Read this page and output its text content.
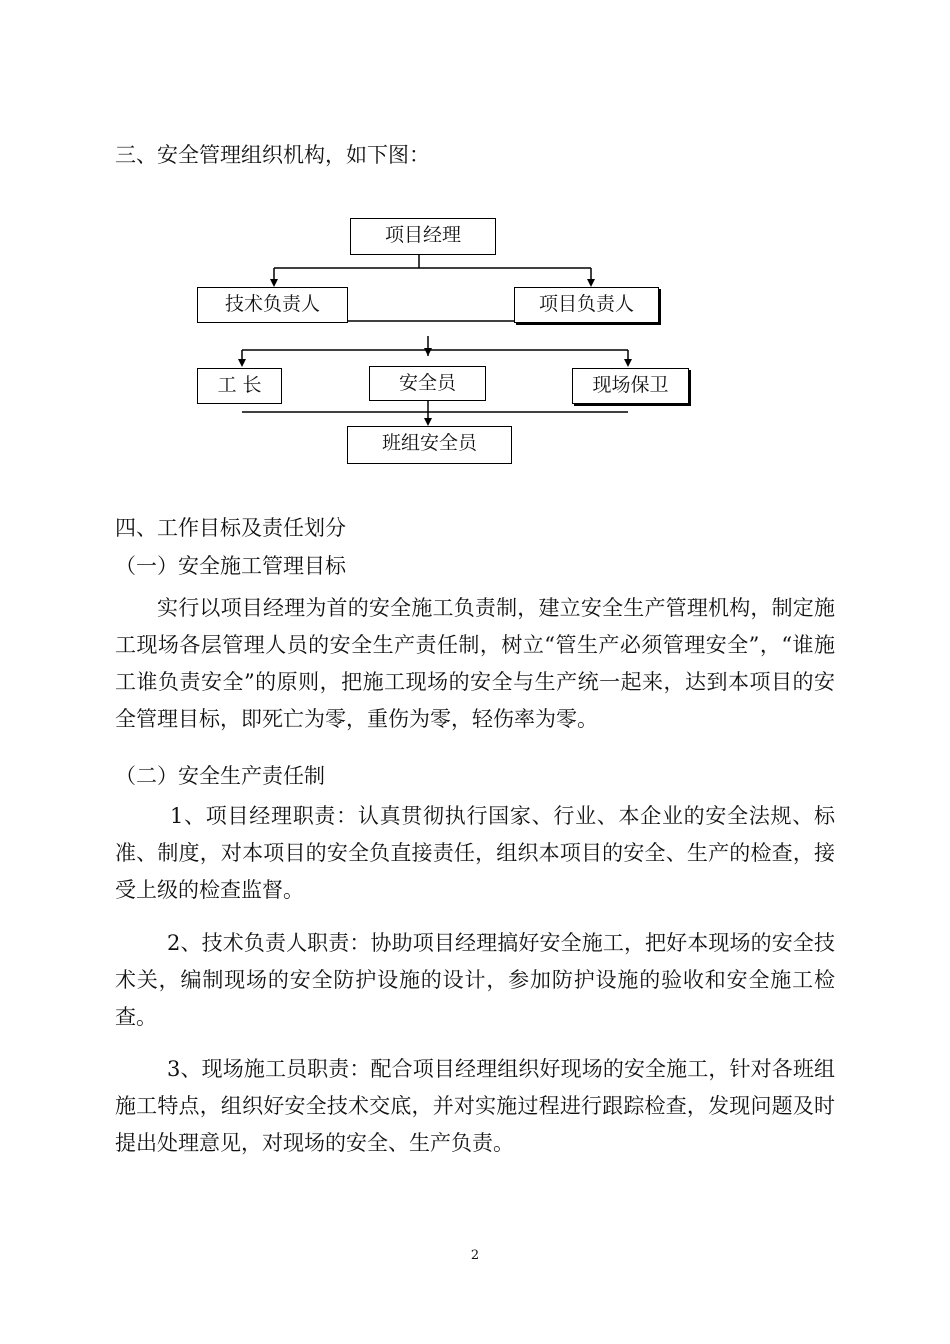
三、安全管理组织机构，如下图：
项目经理
技术负责人	项目负责人
工 长	安全员	现场保卫
班组安全员
四、工作目标及责任划分
（一）安全施工管理目标

实行以项目经理为首的安全施工负责制，建立安全生产管理机构，制定施工现场各层管理人员的安全生产责任制，树立“管生产必须管理安全”，“谁施工谁负责安全”的原则，把施工现场的安全与生产统一起来，达到本项目的安全管理目标，即死亡为零，重伤为零，轻伤率为零。

（二）安全生产责任制

1、项目经理职责：认真贯彻执行国家、行业、本企业的安全法规、标准、制度，对本项目的安全负直接责任，组织本项目的安全、生产的检查，接受上级的检查监督。

2、技术负责人职责：协助项目经理搞好安全施工，把好本现场的安全技术关，编制现场的安全防护设施的设计，参加防护设施的验收和安全施工检查。

3、现场施工员职责：配合项目经理组织好现场的安全施工，针对各班组施工特点，组织好安全技术交底，并对实施过程进行跟踪检查，发现问题及时提出处理意见，对现场的安全、生产负责。

2
